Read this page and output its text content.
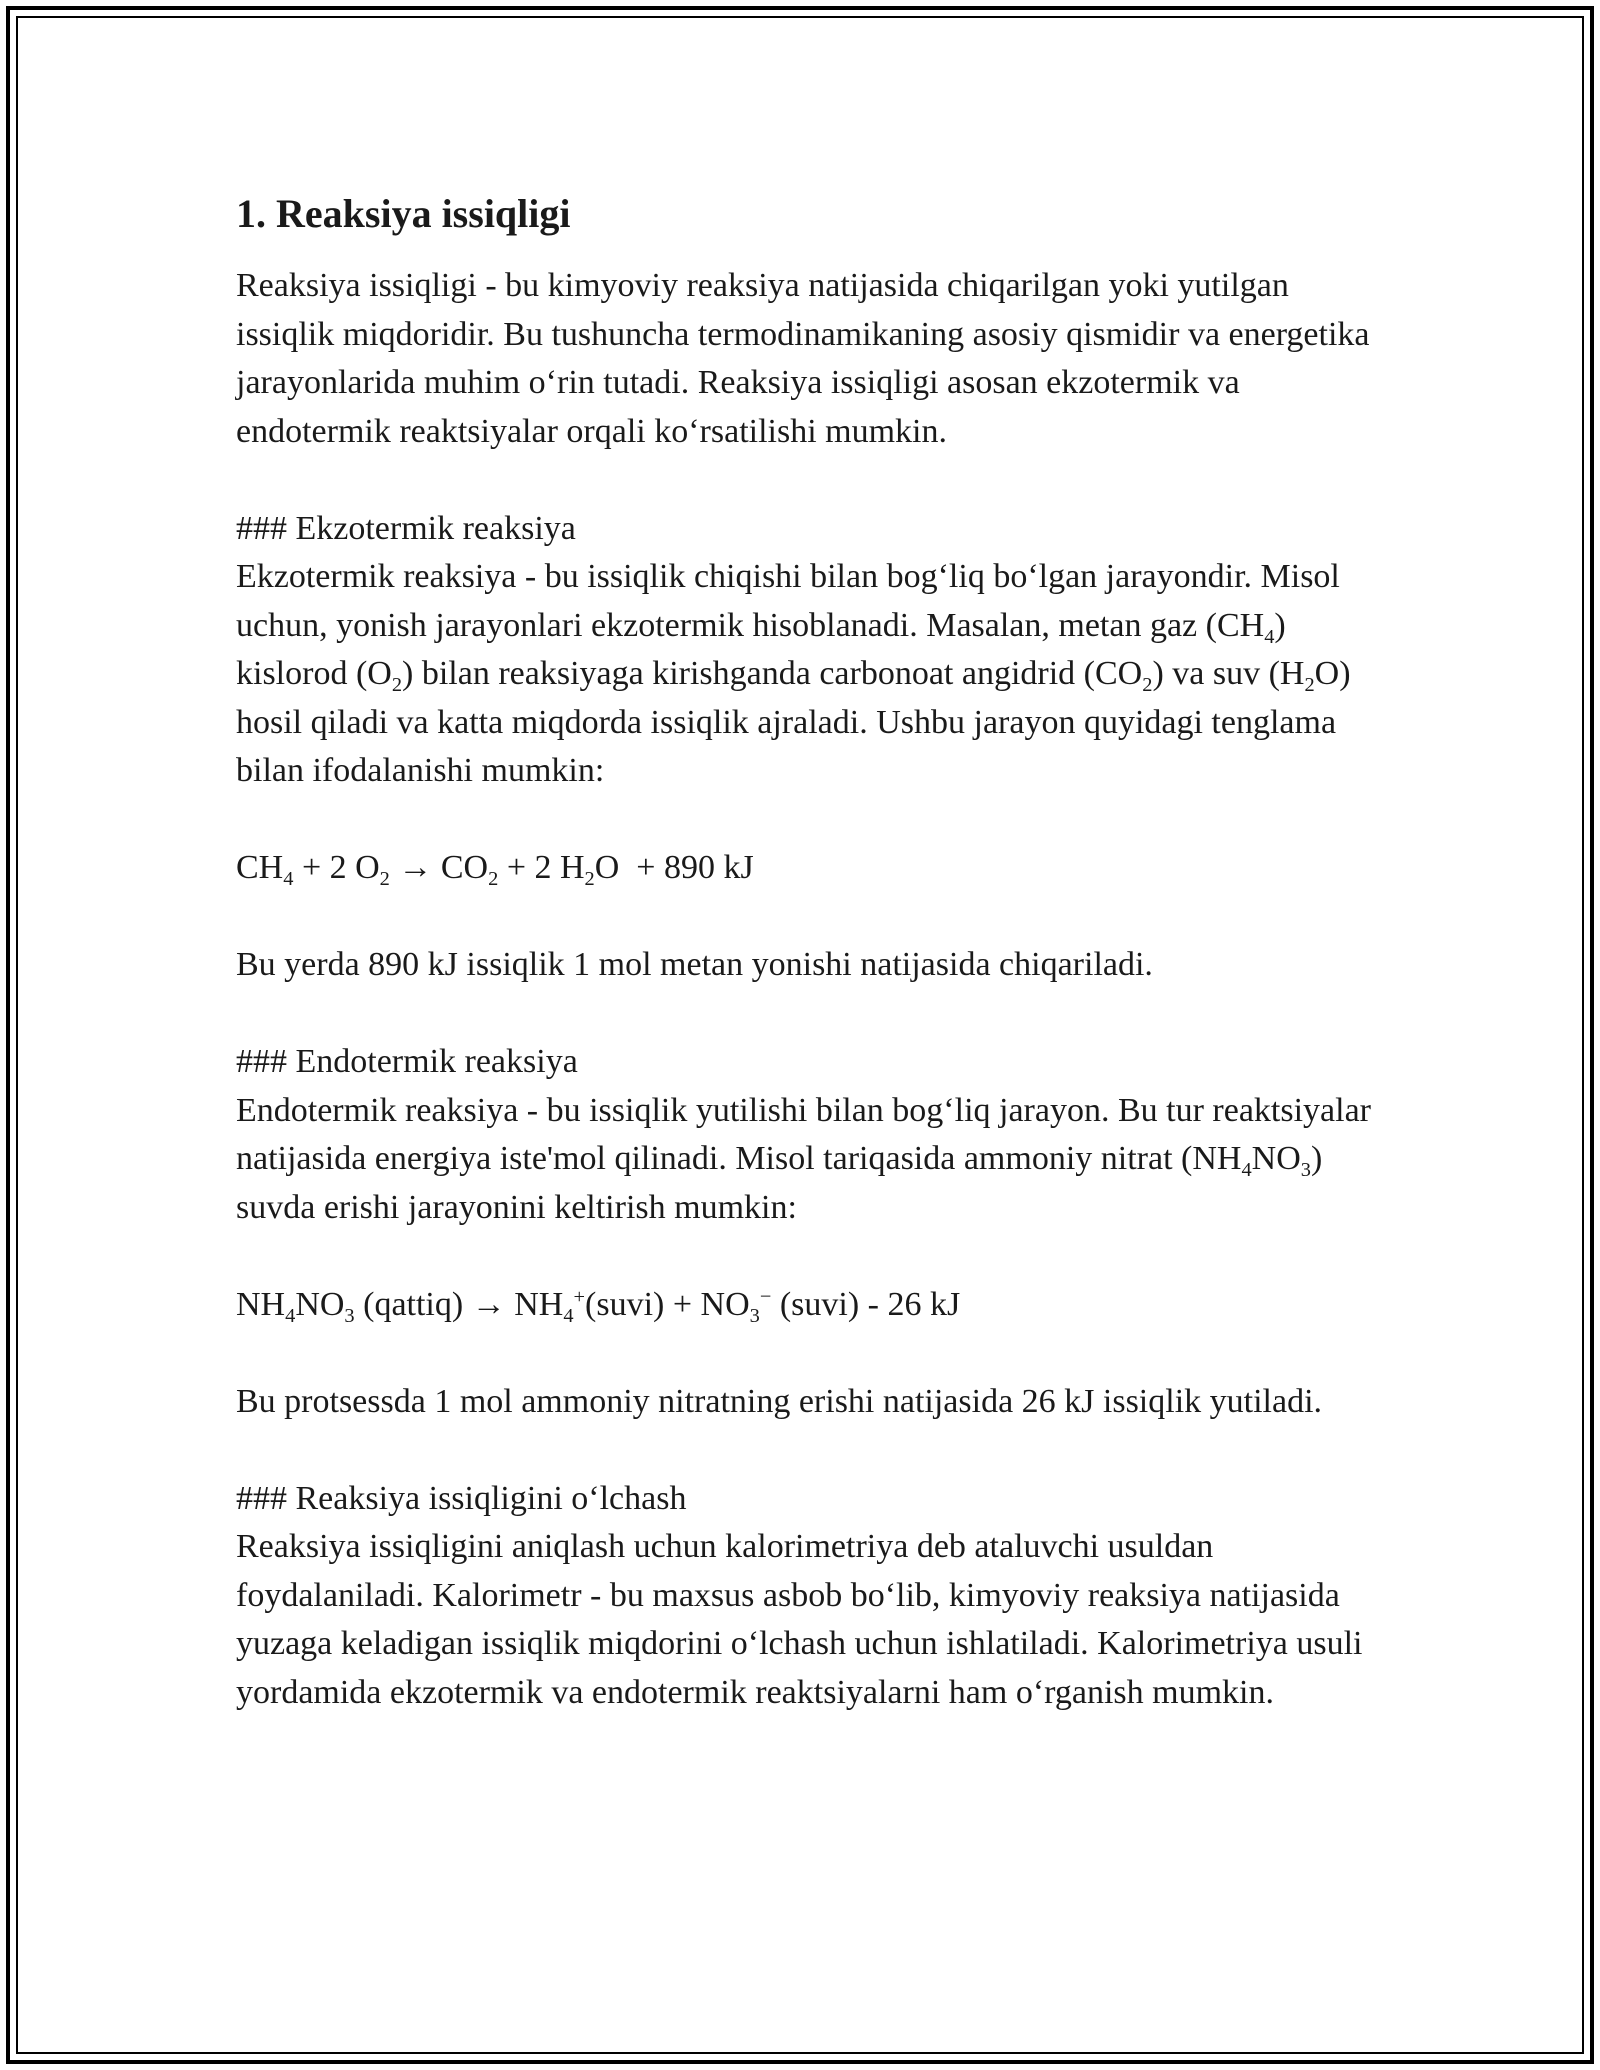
1. Reaksiya issiqligi

Reaksiya issiqligi - bu kimyoviy reaksiya natijasida chiqarilgan yoki yutilgan issiqlik miqdoridir. Bu tushuncha termodinamikaning asosiy qismidir va energetika jarayonlarida muhim o‘rin tutadi. Reaksiya issiqligi asosan ekzotermik va endotermik reaktsiyalar orqali ko‘rsatilishi mumkin.

### Ekzotermik reaksiya

Ekzotermik reaksiya - bu issiqlik chiqishi bilan bog‘liq bo‘lgan jarayondir. Misol uchun, yonish jarayonlari ekzotermik hisoblanadi. Masalan, metan gaz $(CH_4)$ kislorod $(O_2)$ bilan reaksiyaga kirishganda carbonoat angidrid $(CO_2)$ va suv $(H_2O)$ hosil qiladi va katta miqdorda issiqlik ajraladi. Ushbu jarayon quyidagi tenglama bilan ifodalanishi mumkin:

$CH_4 + 2$ $O_2 \to CO_2 + 2$ $H_2O + 890$ kJ

Bu yerda 890 kJ issiqlik 1 mol metan yonishi natijasida chiqariladi.

### Endotermik reaksiya

Endotermik reaksiya - bu issiqlik yutilishi bilan bog‘liq jarayon. Bu tur reaktsiyalar natijasida energiya iste'mol qilinadi. Misol tariqasida ammoniy nitrat $(NH_4NO_3)$ suvda erishi jarayonini keltirish mumkin:

$NH_4NO_3$ (qattiq) → $NH_4^+(suvi) + NO_3^-$ (suvi) - 26 kJ

Bu protsessda 1 mol ammoniy nitratning erishi natijasida 26 kJ issiqlik yutiladi.

### Reaksiya issiqligini o‘lchash

Reaksiya issiqligini aniqlash uchun kalorimetriya deb ataluvchi usuldan foydalaniladi. Kalorimetr - bu maxsus asbob bo‘lib, kimyoviy reaksiya natijasida yuzaga keladigan issiqlik miqdorini o‘lchash uchun ishlatiladi. Kalorimetriya usuli yordamida ekzotermik va endotermik reaktsiyalarni ham o‘rganish mumkin.
